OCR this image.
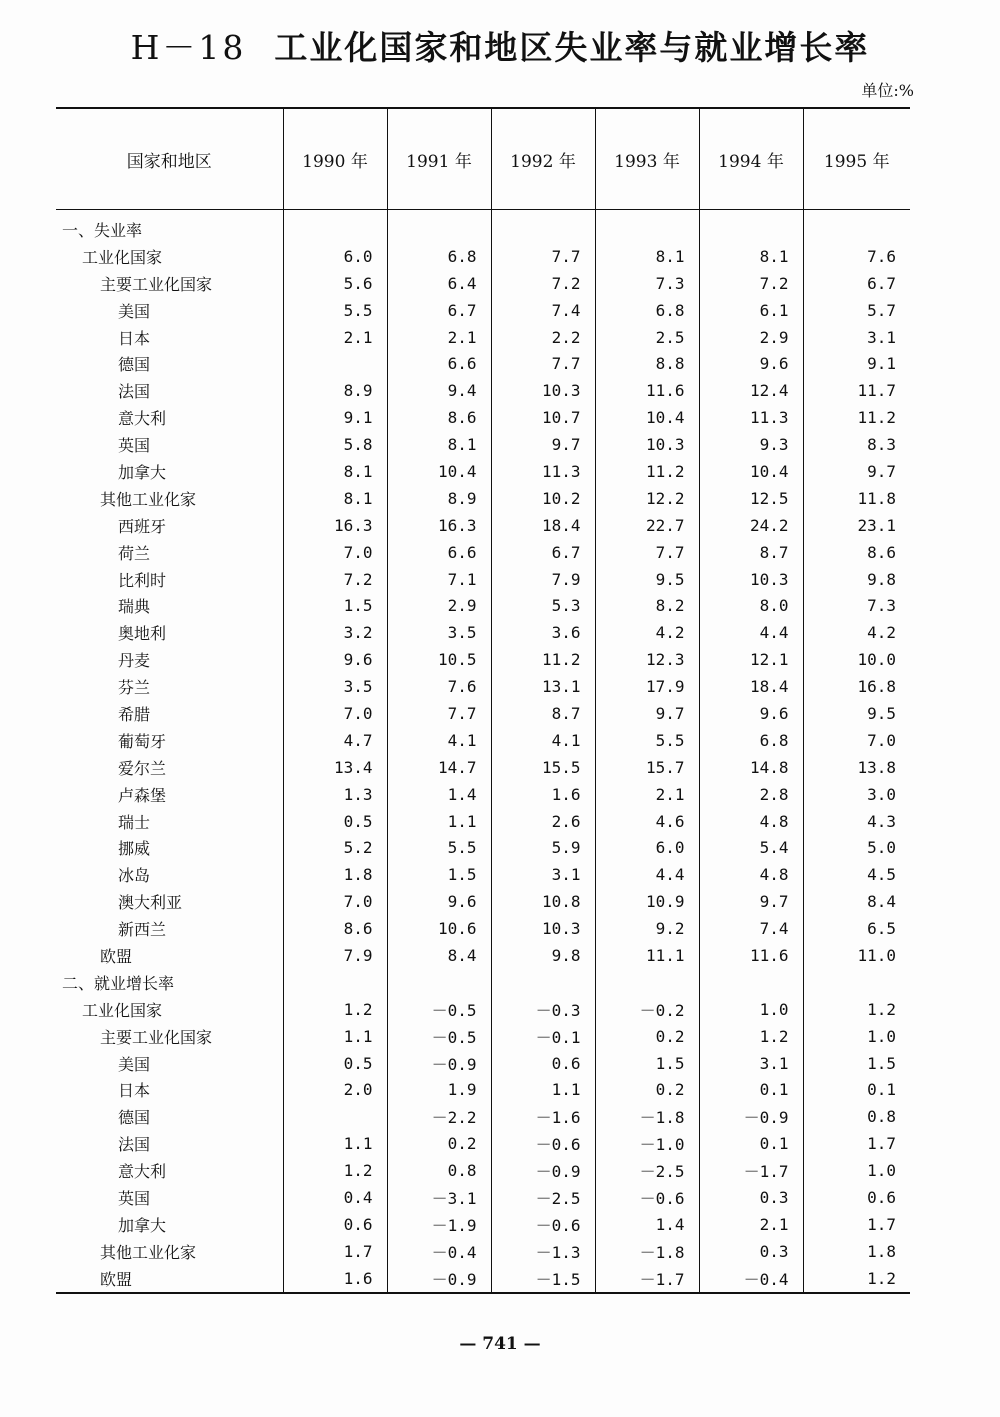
H－18 工业化国家和地区失业率与就业增长率
单位:%
国家和地区	1990 年	1991 年	1992 年	1993 年	1994 年	1995 年
一、失业率						
工业化国家	6.0	6.8	7.7	8.1	8.1	7.6
主要工业化国家	5.6	6.4	7.2	7.3	7.2	6.7
美国	5.5	6.7	7.4	6.8	6.1	5.7
日本	2.1	2.1	2.2	2.5	2.9	3.1
德国		6.6	7.7	8.8	9.6	9.1
法国	8.9	9.4	10.3	11.6	12.4	11.7
意大利	9.1	8.6	10.7	10.4	11.3	11.2
英国	5.8	8.1	9.7	10.3	9.3	8.3
加拿大	8.1	10.4	11.3	11.2	10.4	9.7
其他工业化家	8.1	8.9	10.2	12.2	12.5	11.8
西班牙	16.3	16.3	18.4	22.7	24.2	23.1
荷兰	7.0	6.6	6.7	7.7	8.7	8.6
比利时	7.2	7.1	7.9	9.5	10.3	9.8
瑞典	1.5	2.9	5.3	8.2	8.0	7.3
奥地利	3.2	3.5	3.6	4.2	4.4	4.2
丹麦	9.6	10.5	11.2	12.3	12.1	10.0
芬兰	3.5	7.6	13.1	17.9	18.4	16.8
希腊	7.0	7.7	8.7	9.7	9.6	9.5
葡萄牙	4.7	4.1	4.1	5.5	6.8	7.0
爱尔兰	13.4	14.7	15.5	15.7	14.8	13.8
卢森堡	1.3	1.4	1.6	2.1	2.8	3.0
瑞士	0.5	1.1	2.6	4.6	4.8	4.3
挪威	5.2	5.5	5.9	6.0	5.4	5.0
冰岛	1.8	1.5	3.1	4.4	4.8	4.5
澳大利亚	7.0	9.6	10.8	10.9	9.7	8.4
新西兰	8.6	10.6	10.3	9.2	7.4	6.5
欧盟	7.9	8.4	9.8	11.1	11.6	11.0
二、就业增长率						
工业化国家	1.2	－0.5	－0.3	－0.2	1.0	1.2
主要工业化国家	1.1	－0.5	－0.1	0.2	1.2	1.0
美国	0.5	－0.9	0.6	1.5	3.1	1.5
日本	2.0	1.9	1.1	0.2	0.1	0.1
德国		－2.2	－1.6	－1.8	－0.9	0.8
法国	1.1	0.2	－0.6	－1.0	0.1	1.7
意大利	1.2	0.8	－0.9	－2.5	－1.7	1.0
英国	0.4	－3.1	－2.5	－0.6	0.3	0.6
加拿大	0.6	－1.9	－0.6	1.4	2.1	1.7
其他工业化家	1.7	－0.4	－1.3	－1.8	0.3	1.8
欧盟	1.6	－0.9	－1.5	－1.7	－0.4	1.2
— 741 —
